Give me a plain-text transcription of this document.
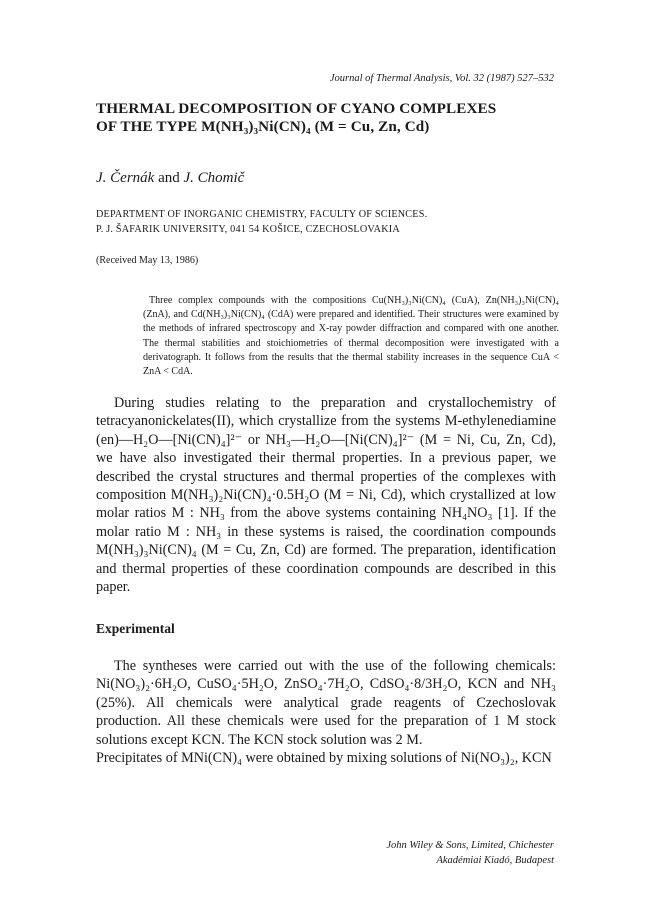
Journal of Thermal Analysis, Vol. 32 (1987) 527–532
THERMAL DECOMPOSITION OF CYANO COMPLEXES
OF THE TYPE M(NH₃)₃Ni(CN)₄ (M = Cu, Zn, Cd)
J. Černák and J. Chomič
DEPARTMENT OF INORGANIC CHEMISTRY, FACULTY OF SCIENCES.
P. J. ŠAFARIK UNIVERSITY, 041 54 KOŠICE, CZECHOSLOVAKIA
(Received May 13, 1986)

Three complex compounds with the compositions Cu(NH₃)₃Ni(CN)₄ (CuA), Zn(NH₃)₃Ni(CN)₄ (ZnA), and Cd(NH₃)₃Ni(CN)₄ (CdA) were prepared and identified. Their structures were examined by the methods of infrared spectroscopy and X-ray powder diffraction and compared with one another. The thermal stabilities and stoichiometries of thermal decomposition were investigated with a derivatograph. It follows from the results that the thermal stability increases in the sequence CuA < ZnA < CdA.

During studies relating to the preparation and crystallochemistry of tetracyanonickelates(II), which crystallize from the systems M-ethylenediamine (en)—H₂O—[Ni(CN)₄]²⁻ or NH₃—H₂O—[Ni(CN)₄]²⁻ (M = Ni, Cu, Zn, Cd), we have also investigated their thermal properties. In a previous paper, we described the crystal structures and thermal properties of the complexes with composition M(NH₃)₂Ni(CN)₄·0.5H₂O (M = Ni, Cd), which crystallized at low molar ratios M : NH₃ from the above systems containing NH₄NO₃ [1]. If the molar ratio M : NH₃ in these systems is raised, the coordination compounds M(NH₃)₃Ni(CN)₄ (M = Cu, Zn, Cd) are formed. The preparation, identification and thermal properties of these coordination compounds are described in this paper.

Experimental

The syntheses were carried out with the use of the following chemicals: Ni(NO₃)₂·6H₂O, CuSO₄·5H₂O, ZnSO₄·7H₂O, CdSO₄·8/3H₂O, KCN and NH₃ (25%). All chemicals were analytical grade reagents of Czechoslovak production. All these chemicals were used for the preparation of 1 M stock solutions except KCN. The KCN stock solution was 2 M.

Precipitates of MNi(CN)₄ were obtained by mixing solutions of Ni(NO₃)₂, KCN

John Wiley & Sons, Limited, Chichester
Akadémiai Kiadó, Budapest
